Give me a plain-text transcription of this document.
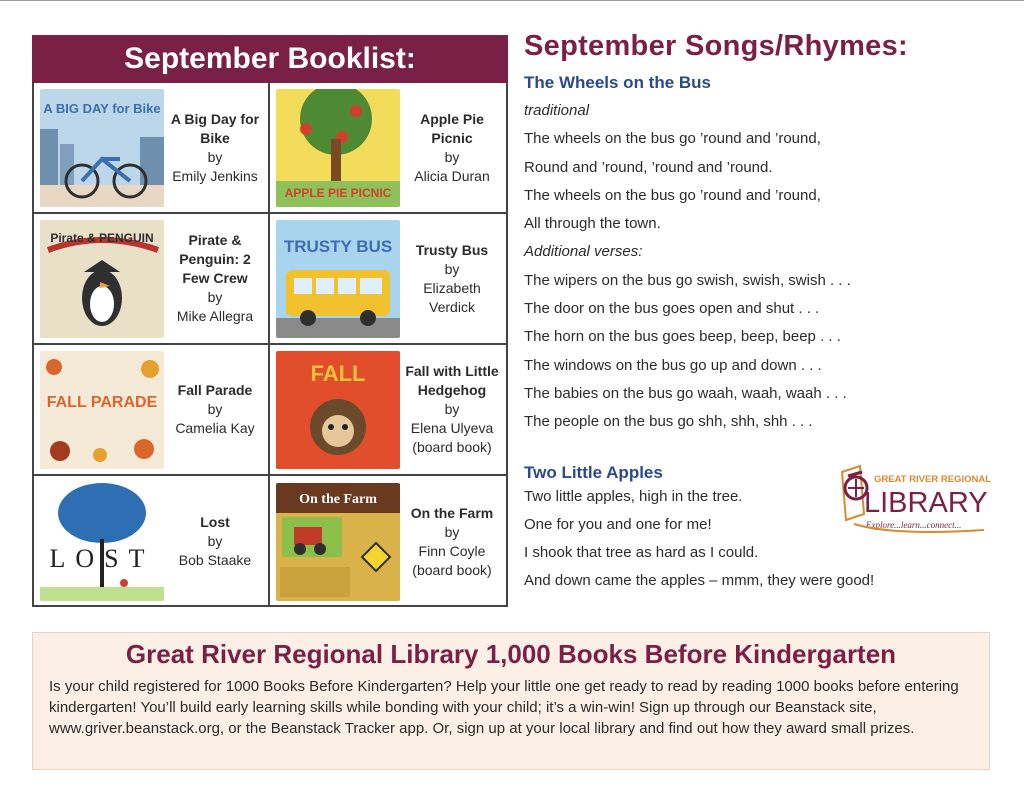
September Booklist:
A BIG DAY for Bike
A Big Day for Bike
by
Emily Jenkins
APPLE PIE PICNIC
Apple Pie Picnic
by
Alicia Duran
Pirate & PENGUIN	Pirate & Penguin: 2 Few Crew
by
Mike Allegra
TRUSTY BUS	Trusty Bus
by
Elizabeth Verdick
FALL PARADE
Fall Parade
by
Camelia Kay
FALL	Fall with Little Hedgehog
by
Elena Ulyeva
(board book)
LOST
Lost
by
Bob Staake
On the Farm
On the Farm
by
Finn Coyle
(board book)
September Songs/Rhymes:

The Wheels on the Bus

traditional

The wheels on the bus go ’round and ’round,

Round and ’round, ’round and ’round.

The wheels on the bus go ’round and ’round,

All through the town.

Additional verses:

The wipers on the bus go swish, swish, swish . . .

The door on the bus goes open and shut . . .

The horn on the bus goes beep, beep, beep . . .

The windows on the bus go up and down . . .

The babies on the bus go waah, waah, waah . . .

The people on the bus go shh, shh, shh . . .

Two Little Apples

Two little apples, high in the tree.

One for you and one for me!

I shook that tree as hard as I could.

And down came the apples – mmm, they were good!

GREAT RIVER REGIONAL
LIBRARY
Explore...learn...connect...
Great River Regional Library 1,000 Books Before Kindergarten

Is your child registered for 1000 Books Before Kindergarten? Help your little one get ready to read by reading 1000 books before entering kindergarten! You’ll build early learning skills while bonding with your child; it’s a win-win! Sign up through our Beanstack site, www.griver.beanstack.org, or the Beanstack Tracker app. Or, sign up at your local library and find out how they award small prizes.
